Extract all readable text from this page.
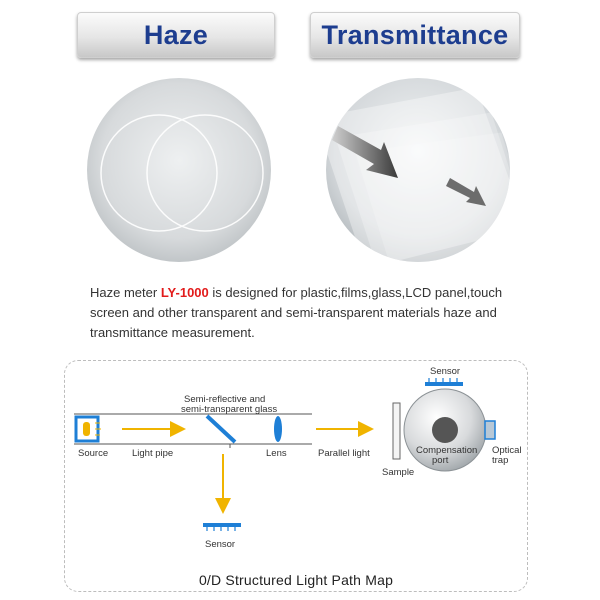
Haze	Transmittance
Haze meter LY-1000 is designed for plastic,films,glass,LCD panel,touch screen and other transparent and semi-transparent materials haze and transmittance measurement.
Source	Light pipe
Semi-reflective and
semi-transparent glass
Lens	Parallel light
Sample
Sensor
Sensor
Compensation
port
Optical
trap
0/D Structured Light Path Map
